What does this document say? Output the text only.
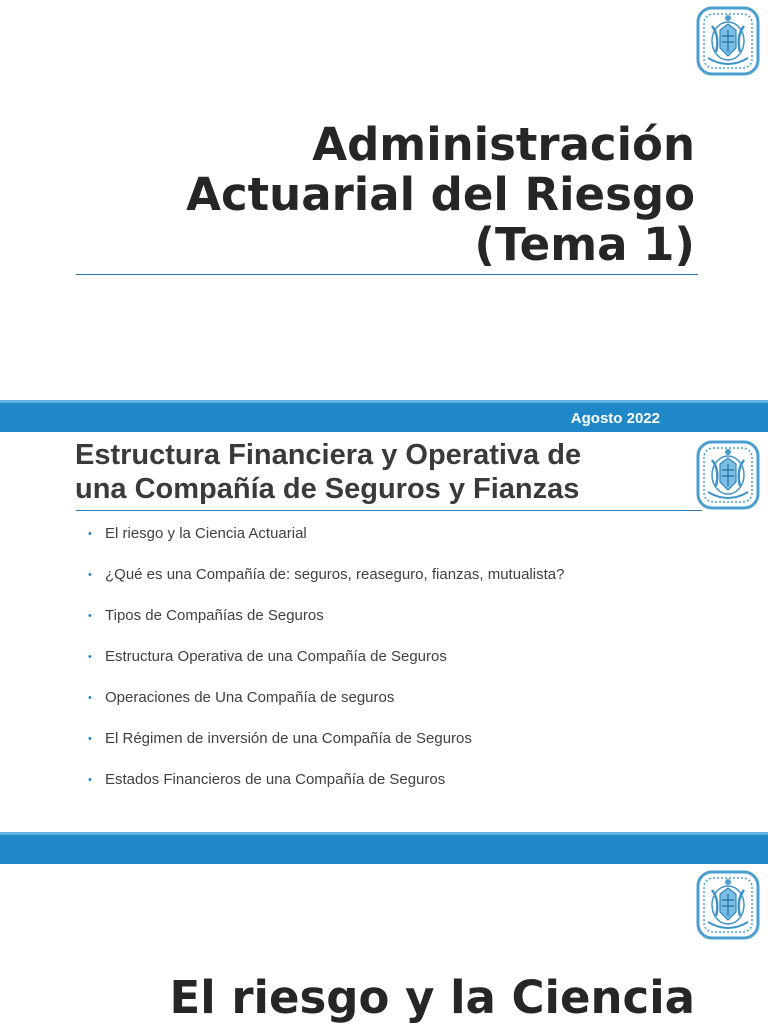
Administración
Actuarial del Riesgo
(Tema 1)
Agosto 2022
Estructura Financiera y Operativa de
una Compañía de Seguros y Fianzas
• El riesgo y la Ciencia Actuarial
• ¿Qué es una Compañía de: seguros, reaseguro, fianzas, mutualista?
• Tipos de Compañías de Seguros
• Estructura Operativa de una Compañía de Seguros
• Operaciones de Una Compañía de seguros
• El Régimen de inversión de una Compañía de Seguros
• Estados Financieros de una Compañía de Seguros
El riesgo y la Ciencia
